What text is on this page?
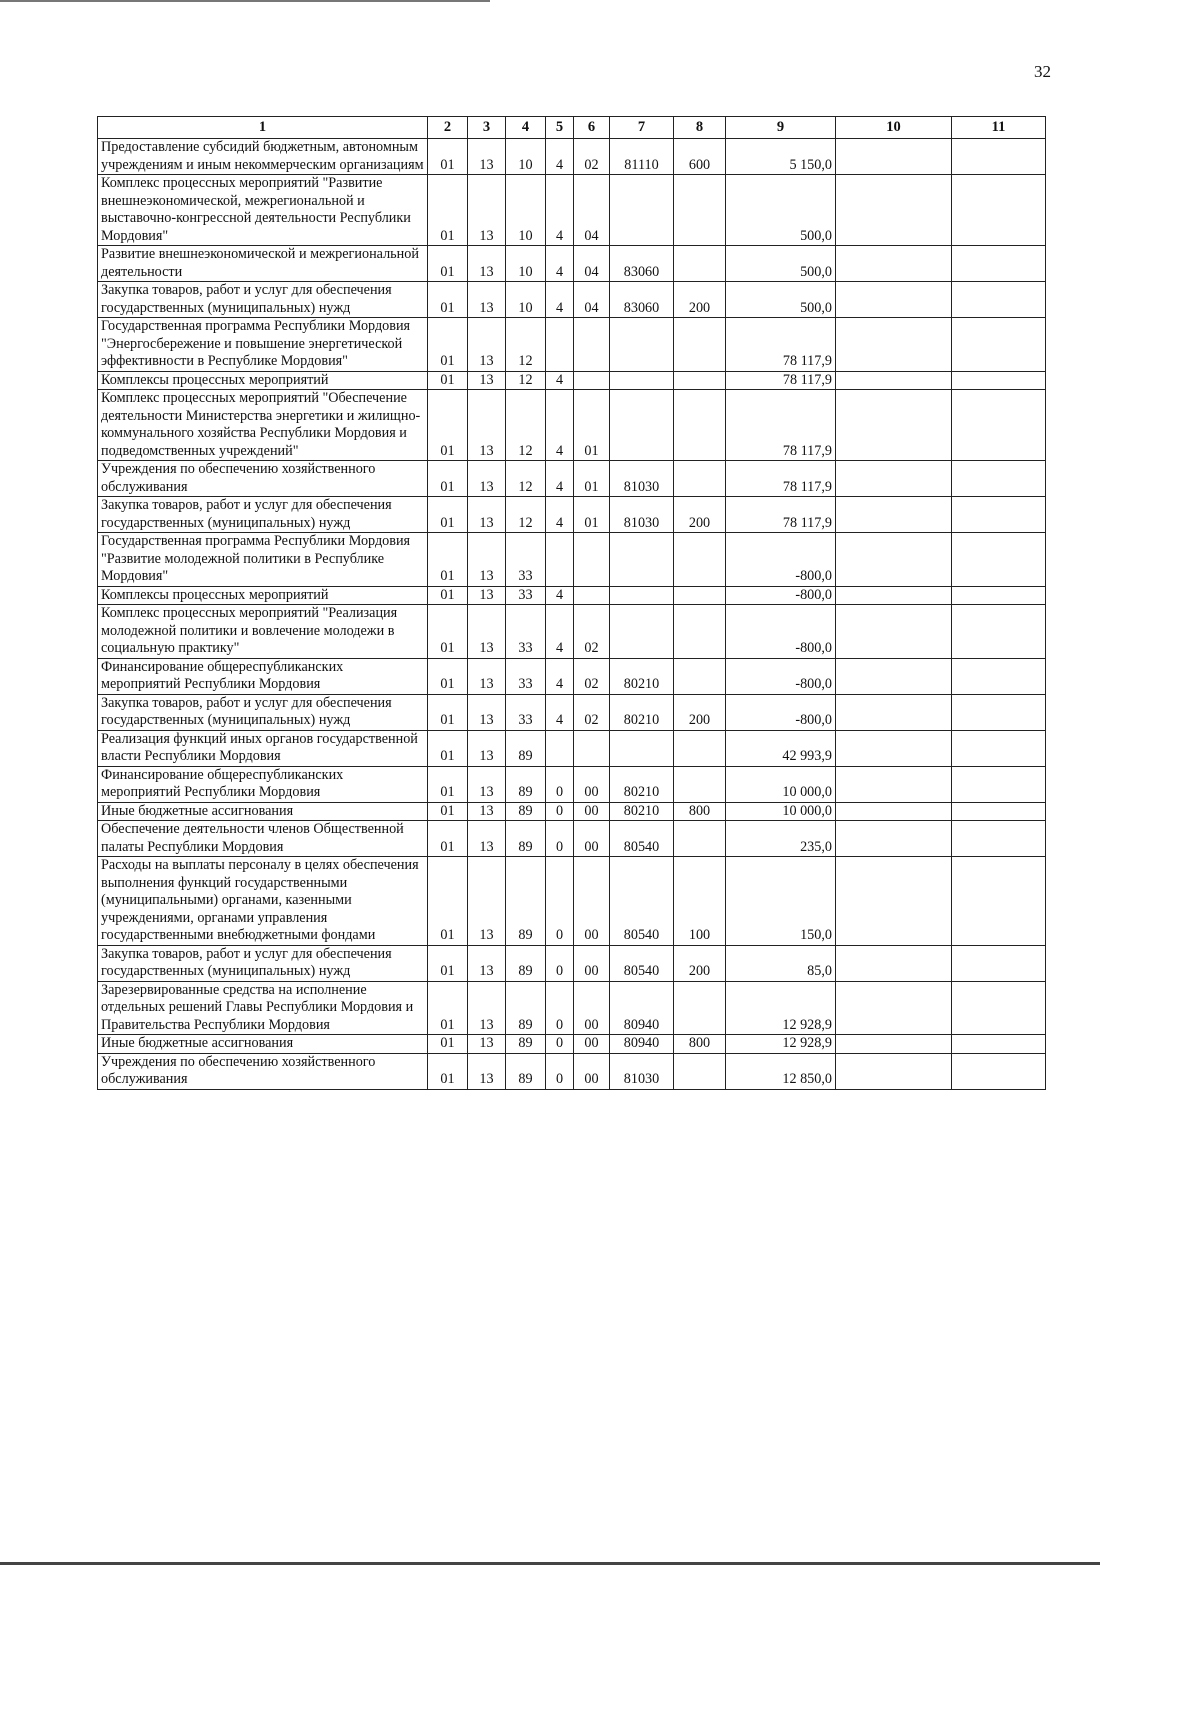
32
1	2	3	4	5	6	7	8	9	10	11
Предоставление субсидий бюджетным, автономным учреждениям и иным некоммерческим организациям	01	13	10	4	02	81110	600	5 150,0		
Комплекс процессных мероприятий "Развитие внешнеэкономической, межрегиональной и выставочно-конгрессной деятельности Республики Мордовия"	01	13	10	4	04			500,0		
Развитие внешнеэкономической и межрегиональной деятельности	01	13	10	4	04	83060		500,0		
Закупка товаров, работ и услуг для обеспечения государственных (муниципальных) нужд	01	13	10	4	04	83060	200	500,0		
Государственная программа Республики Мордовия "Энергосбережение и повышение энергетической эффективности в Республике Мордовия"	01	13	12					78 117,9		
Комплексы процессных мероприятий	01	13	12	4				78 117,9		
Комплекс процессных мероприятий "Обеспечение деятельности Министерства энергетики и жилищно-коммунального хозяйства Республики Мордовия и подведомственных учреждений"	01	13	12	4	01			78 117,9		
Учреждения по обеспечению хозяйственного обслуживания	01	13	12	4	01	81030		78 117,9		
Закупка товаров, работ и услуг для обеспечения государственных (муниципальных) нужд	01	13	12	4	01	81030	200	78 117,9		
Государственная программа Республики Мордовия "Развитие молодежной политики в Республике Мордовия"	01	13	33					-800,0		
Комплексы процессных мероприятий	01	13	33	4				-800,0		
Комплекс процессных мероприятий "Реализация молодежной политики и вовлечение молодежи в социальную практику"	01	13	33	4	02			-800,0		
Финансирование общереспубликанских мероприятий Республики Мордовия	01	13	33	4	02	80210		-800,0		
Закупка товаров, работ и услуг для обеспечения государственных (муниципальных) нужд	01	13	33	4	02	80210	200	-800,0		
Реализация функций иных органов государственной власти Республики Мордовия	01	13	89					42 993,9		
Финансирование общереспубликанских мероприятий Республики Мордовия	01	13	89	0	00	80210		10 000,0		
Иные бюджетные ассигнования	01	13	89	0	00	80210	800	10 000,0		
Обеспечение деятельности членов Общественной палаты Республики Мордовия	01	13	89	0	00	80540		235,0		
Расходы на выплаты персоналу в целях обеспечения выполнения функций государственными (муниципальными) органами, казенными учреждениями, органами управления государственными внебюджетными фондами	01	13	89	0	00	80540	100	150,0		
Закупка товаров, работ и услуг для обеспечения государственных (муниципальных) нужд	01	13	89	0	00	80540	200	85,0		
Зарезервированные средства на исполнение отдельных решений Главы Республики Мордовия и Правительства Республики Мордовия	01	13	89	0	00	80940		12 928,9		
Иные бюджетные ассигнования	01	13	89	0	00	80940	800	12 928,9		
Учреждения по обеспечению хозяйственного обслуживания	01	13	89	0	00	81030		12 850,0		
